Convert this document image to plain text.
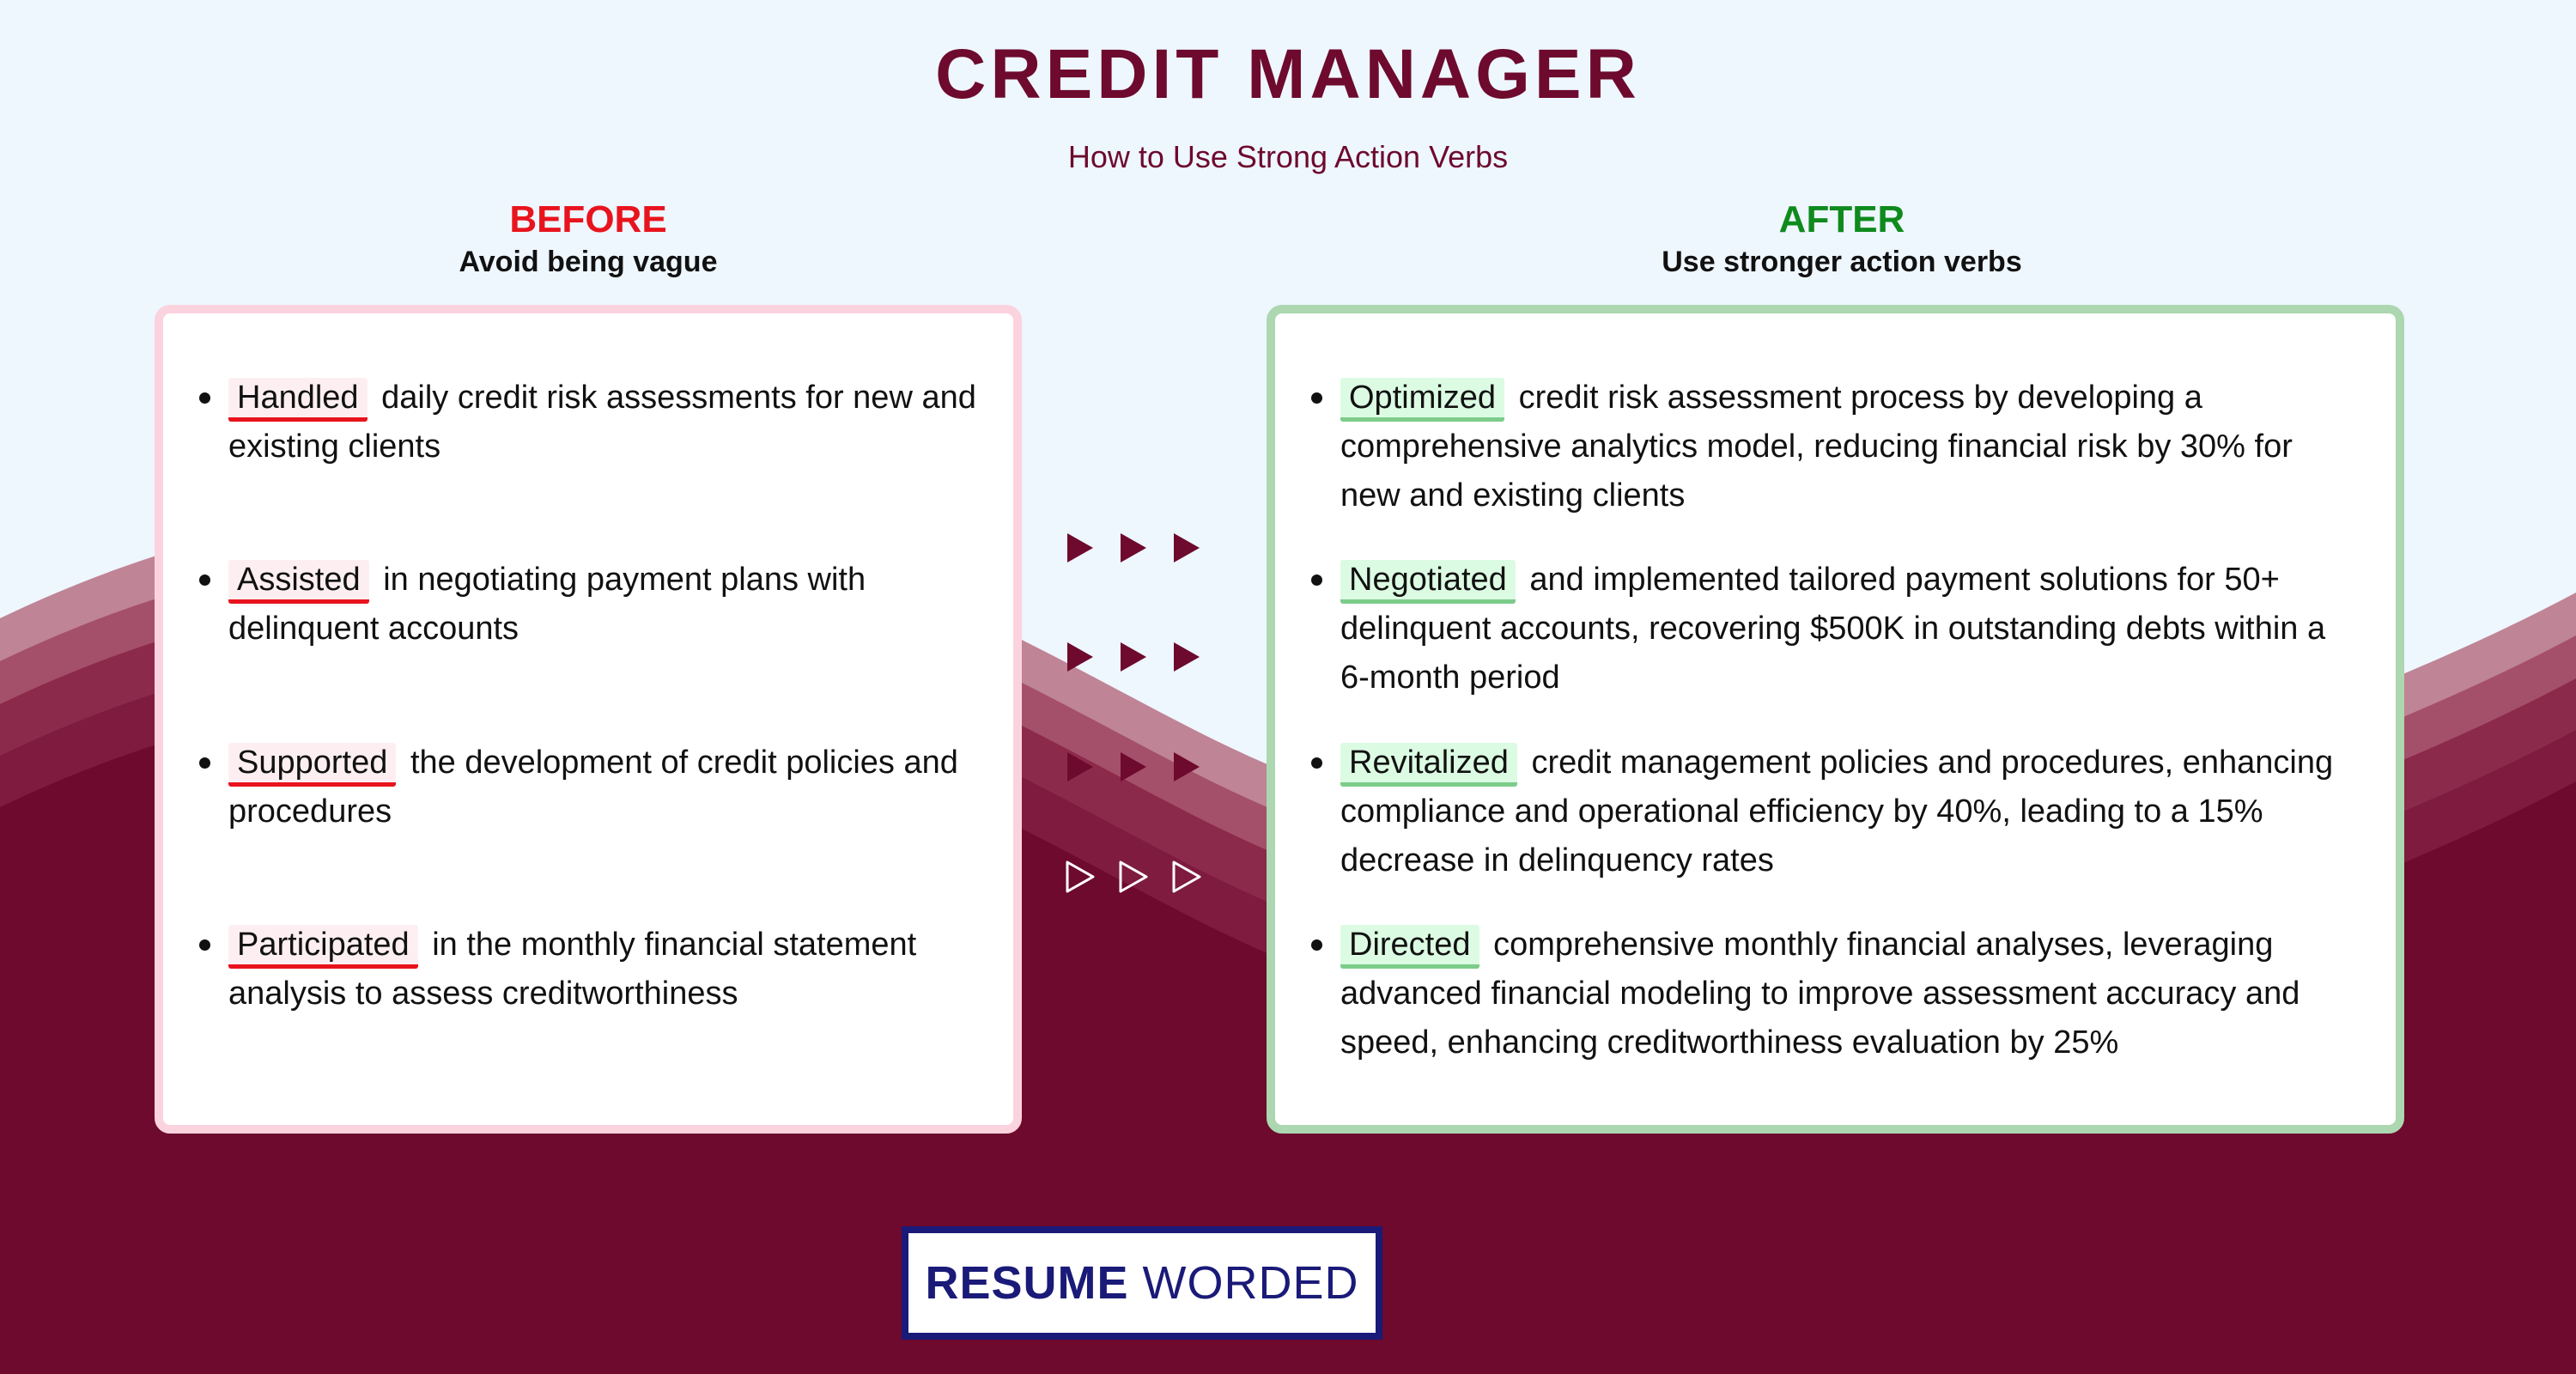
CREDIT MANAGER
How to Use Strong Action Verbs
BEFORE
Avoid being vague
AFTER
Use stronger action verbs
Handled daily credit risk assessments for new and existing clients
Assisted in negotiating payment plans with delinquent accounts
Supported the development of credit policies and procedures
Participated in the monthly financial statement analysis to assess creditworthiness
Optimized credit risk assessment process by developing a comprehensive analytics model, reducing financial risk by 30% for new and existing clients
Negotiated and implemented tailored payment solutions for 50+ delinquent accounts, recovering $500K in outstanding debts within a 6-month period
Revitalized credit management policies and procedures, enhancing compliance and operational efficiency by 40%, leading to a 15% decrease in delinquency rates
Directed comprehensive monthly financial analyses, leveraging advanced financial modeling to improve assessment accuracy and speed, enhancing creditworthiness evaluation by 25%
RESUME WORDED
